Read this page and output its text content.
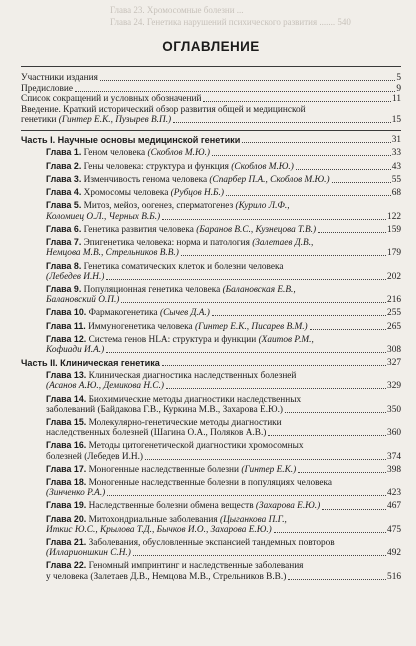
Глава 23. Хромосомные болезни ...
Глава 24. Генетика нарушений психического развития ....... 540
ОГЛАВЛЕНИЕ
Участники издания	5
Предисловие	9
Список сокращений и условных обозначений	11
Введение. Краткий исторический обзор развития общей и медицинской
генетики (Гинтер Е.К., Пузырев В.П.)	15
Часть I. Научные основы медицинской генетики	31
Глава 1. Геном человека (Скоблов М.Ю.)	33
Глава 2. Гены человека: структура и функция (Скоблов М.Ю.)	43
Глава 3. Изменчивость генома человека (Спарбер П.А., Скоблов М.Ю.)	55
Глава 4. Хромосомы человека (Рубцов Н.Б.)	68
Глава 5. Митоз, мейоз, оогенез, сперматогенез (Курило Л.Ф.,
Коломиец О.Л., Черных В.Б.)	122
Глава 6. Генетика развития человека (Баранов В.С., Кузнецова Т.В.)	159
Глава 7. Эпигенетика человека: норма и патология (Залетаев Д.В.,
Немцова М.В., Стрельников В.В.)	179
Глава 8. Генетика соматических клеток и болезни человека
(Лебедев И.Н.)	202
Глава 9. Популяционная генетика человека (Балановская Е.В.,
Балановский О.П.)	216
Глава 10. Фармакогенетика (Сычев Д.А.)	255
Глава 11. Иммуногенетика человека (Гинтер Е.К., Писарев В.М.)	265
Глава 12. Система генов HLA: структура и функции (Хаитов Р.М.,
Кофиади И.А.)	308
Часть II. Клиническая генетика	327
Глава 13. Клиническая диагностика наследственных болезней
(Асанов А.Ю., Демикова Н.С.)	329
Глава 14. Биохимические методы диагностики наследственных
заболеваний (Байдакова Г.В., Куркина М.В., Захарова Е.Ю.)	350
Глава 15. Молекулярно-генетические методы диагностики
наследственных болезней (Шагина О.А., Поляков А.В.)	360
Глава 16. Методы цитогенетической диагностики хромосомных
болезней (Лебедев И.Н.)	374
Глава 17. Моногенные наследственные болезни (Гинтер Е.К.)	398
Глава 18. Моногенные наследственные болезни в популяциях человека
(Зинченко Р.А.)	423
Глава 19. Наследственные болезни обмена веществ (Захарова Е.Ю.)	467
Глава 20. Митохондриальные заболевания (Цыганкова П.Г.,
Иткис Ю.С., Крылова Т.Д., Бычков И.О., Захарова Е.Ю.)	475
Глава 21. Заболевания, обусловленные экспансией тандемных повторов
(Илларионшкин С.Н.)	492
Глава 22. Геномный импринтинг и наследственные заболевания
у человека (Залетаев Д.В., Немцова М.В., Стрельников В.В.)	516
